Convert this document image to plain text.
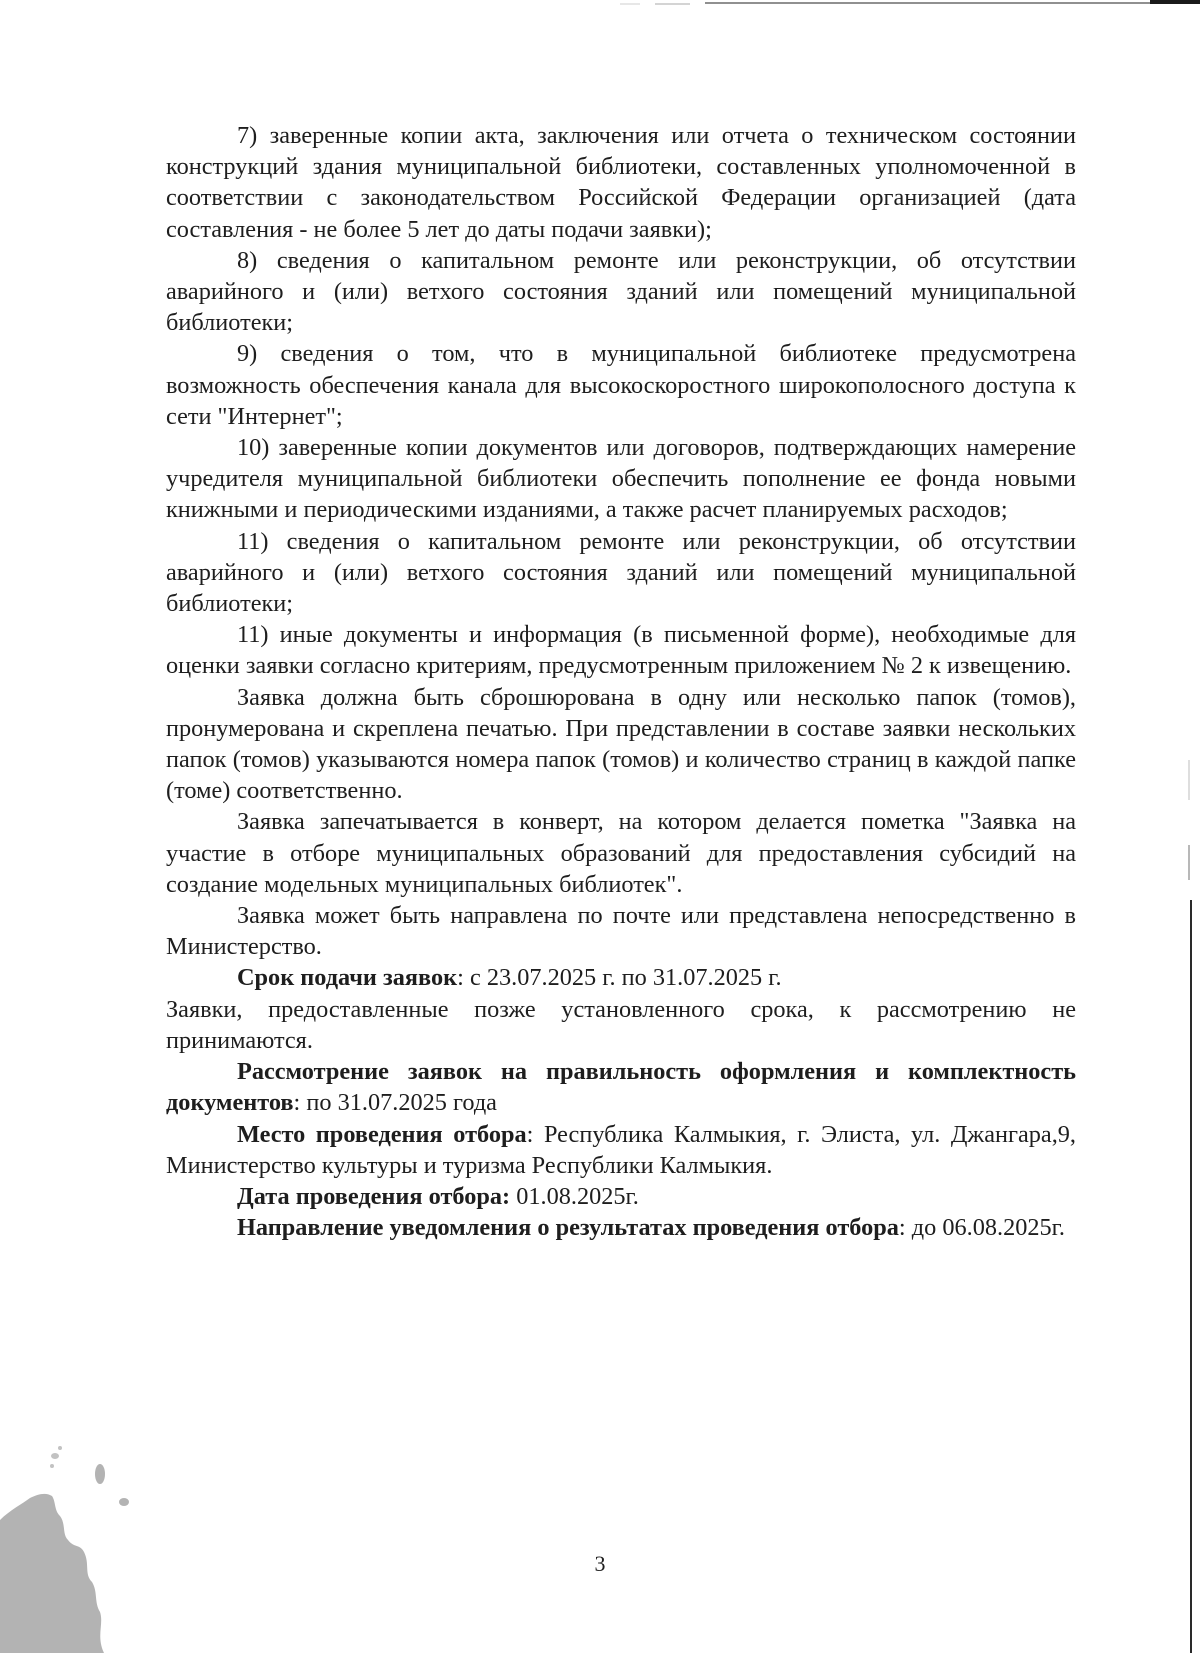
7) заверенные копии акта, заключения или отчета о техническом состоянии конструкций здания муниципальной библиотеки, составленных уполномоченной в соответствии с законодательством Российской Федерации организацией (дата составления - не более 5 лет до даты подачи заявки);

8) сведения о капитальном ремонте или реконструкции, об отсутствии аварийного и (или) ветхого состояния зданий или помещений муниципальной библиотеки;

9) сведения о том, что в муниципальной библиотеке предусмотрена возможность обеспечения канала для высокоскоростного широкополосного доступа к сети "Интернет";

10) заверенные копии документов или договоров, подтверждающих намерение учредителя муниципальной библиотеки обеспечить пополнение ее фонда новыми книжными и периодическими изданиями, а также расчет планируемых расходов;

11) сведения о капитальном ремонте или реконструкции, об отсутствии аварийного и (или) ветхого состояния зданий или помещений муниципальной библиотеки;

11) иные документы и информация (в письменной форме), необходимые для оценки заявки согласно критериям, предусмотренным приложением № 2 к извещению.

Заявка должна быть сброшюрована в одну или несколько папок (томов), пронумерована и скреплена печатью. При представлении в составе заявки нескольких папок (томов) указываются номера папок (томов) и количество страниц в каждой папке (томе) соответственно.

Заявка запечатывается в конверт, на котором делается пометка "Заявка на участие в отборе муниципальных образований для предоставления субсидий на создание модельных муниципальных библиотек".

Заявка может быть направлена по почте или представлена непосредственно в Министерство.

Срок подачи заявок: с 23.07.2025 г. по 31.07.2025 г.

Заявки, предоставленные позже установленного срока, к рассмотрению не принимаются.

Рассмотрение заявок на правильность оформления и комплектность документов: по 31.07.2025 года

Место проведения отбора: Республика Калмыкия, г. Элиста, ул. Джангара,9, Министерство культуры и туризма Республики Калмыкия.

Дата проведения отбора: 01.08.2025г.

Направление уведомления о результатах проведения отбора: до 06.08.2025г.

3
